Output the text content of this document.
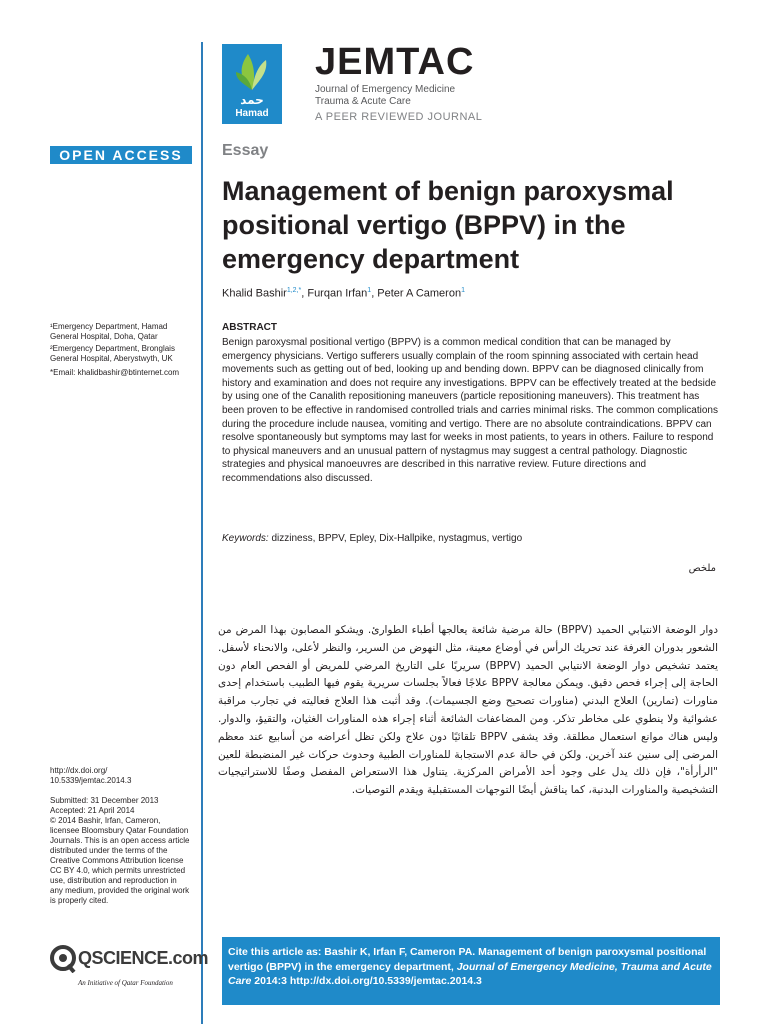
حمد
Hamad
JEMTAC
Journal of Emergency Medicine
Trauma & Acute Care
A PEER REVIEWED JOURNAL
OPEN ACCESS	Essay
Management of benign paroxysmal positional vertigo (BPPV) in the emergency department
Khalid Bashir$^{1,2,*}$, Furqan Irfan$^1$, Peter A Cameron$^1$
¹Emergency Department, Hamad General Hospital, Doha, Qatar
²Emergency Department, Bronglais General Hospital, Aberystwyth, UK
*Email: khalidbashir@btinternet.com
ABSTRACT
Benign paroxysmal positional vertigo (BPPV) is a common medical condition that can be managed by emergency physicians. Vertigo sufferers usually complain of the room spinning associated with certain head movements such as getting out of bed, looking up and bending down. BPPV can be diagnosed clinically from history and examination and does not require any investigations. BPPV can be effectively treated at the bedside by using one of the Canalith repositioning maneuvers (particle repositioning maneuvers). This treatment has been proven to be effective in randomised controlled trials and carries minimal risks. The common complications during the procedure include nausea, vomiting and vertigo. There are no absolute contraindications. BPPV can resolve spontaneously but symptoms may last for weeks in most patients, to years in others. Failure to respond to physical maneuvers and an unusual pattern of nystagmus may suggest a central pathology. Diagnostic strategies and physical manoeuvres are described in this narrative review. Future directions and recommendations also discussed.
Keywords: dizziness, BPPV, Epley, Dix-Hallpike, nystagmus, vertigo
ملخص
دوار الوضعة الانتيابي الحميد (BPPV) حالة مرضية شائعة يعالجها أطباء الطوارئ. ويشكو المصابون بهذا المرض من الشعور بدوران الغرفة عند تحريك الرأس في أوضاع معينة، مثل النهوض من السرير، والنظر لأعلى، والانحناء لأسفل. يعتمد تشخيص دوار الوضعة الانتيابي الحميد (BPPV) سريريًا على التاريخ المرضي للمريض أو الفحص العام دون الحاجة إلى إجراء فحص دقيق. ويمكن معالجة BPPV علاجًا فعالاً بجلسات سريرية يقوم فيها الطبيب باستخدام إحدى مناورات (تمارين) العلاج البدني (مناورات تصحيح وضع الجسيمات). وقد أثبت هذا العلاج فعاليته في تجارب مراقبة عشوائية ولا ينطوي على مخاطر تذكر. ومن المضاعفات الشائعة أثناء إجراء هذه المناورات الغثيان، والتقيؤ، والدوار. وليس هناك موانع استعمال مطلقة. وقد يشفى BPPV تلقائيًا دون علاج ولكن تظل أعراضه من أسابيع عند معظم المرضى إلى سنين عند آخرين. ولكن في حالة عدم الاستجابة للمناورات الطبية وحدوث حركات غير المنضبطة للعين "الرأرأة"، فإن ذلك يدل على وجود أحد الأمراض المركزية. يتناول هذا الاستعراض المفصل وصفًا للاستراتيجيات التشخيصية والمناورات البدنية، كما يناقش أيضًا التوجهات المستقبلية ويقدم التوصيات.
http://dx.doi.org/ 10.5339/jemtac.2014.3
Submitted: 31 December 2013
Accepted: 21 April 2014
© 2014 Bashir, Irfan, Cameron, licensee Bloomsbury Qatar Foundation Journals. This is an open access article distributed under the terms of the Creative Commons Attribution license CC BY 4.0, which permits unrestricted use, distribution and reproduction in any medium, provided the original work is properly cited.
QSCIENCE.com
An Initiative of Qatar Foundation
Cite this article as: Bashir K, Irfan F, Cameron PA. Management of benign paroxysmal positional vertigo (BPPV) in the emergency department, Journal of Emergency Medicine, Trauma and Acute Care 2014:3 http://dx.doi.org/10.5339/jemtac.2014.3
